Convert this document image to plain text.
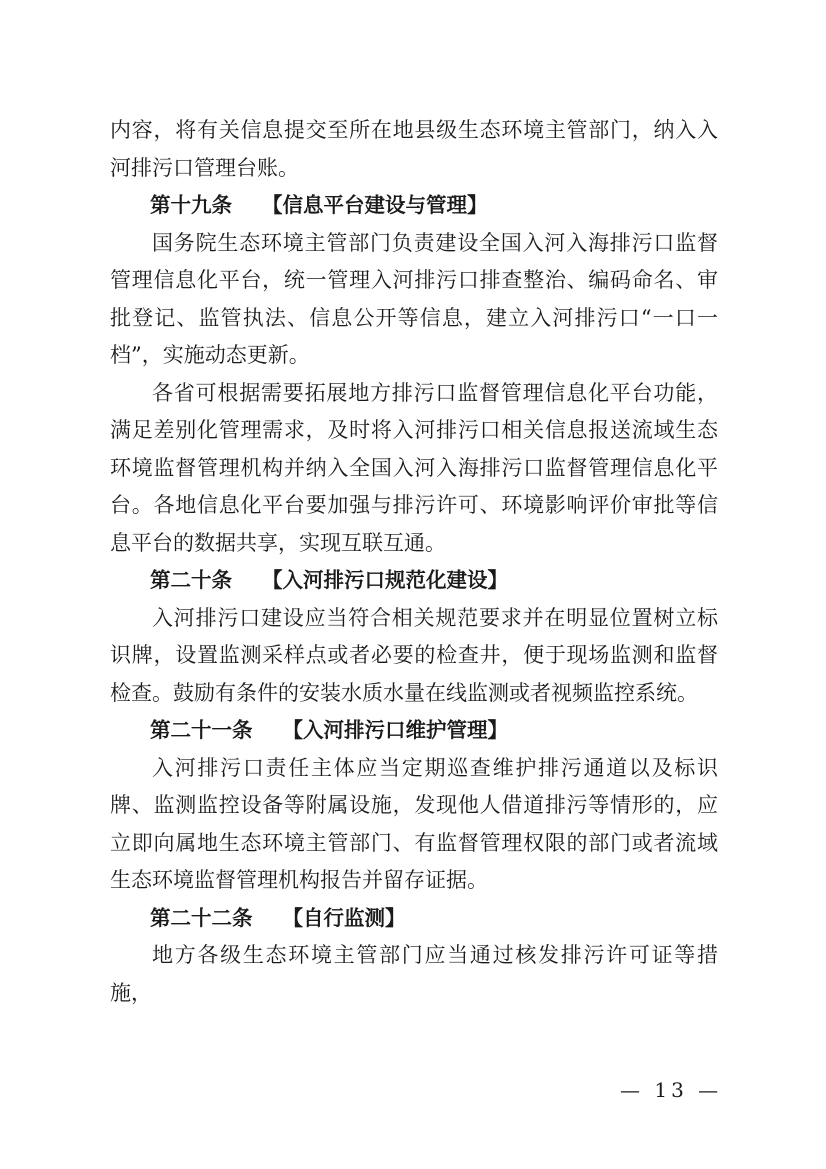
内容，将有关信息提交至所在地县级生态环境主管部门，纳入入河排污口管理台账。

第十九条 【信息平台建设与管理】

国务院生态环境主管部门负责建设全国入河入海排污口监督管理信息化平台，统一管理入河排污口排查整治、编码命名、审批登记、监管执法、信息公开等信息，建立入河排污口“一口一档”，实施动态更新。

各省可根据需要拓展地方排污口监督管理信息化平台功能，满足差别化管理需求，及时将入河排污口相关信息报送流域生态环境监督管理机构并纳入全国入河入海排污口监督管理信息化平台。各地信息化平台要加强与排污许可、环境影响评价审批等信息平台的数据共享，实现互联互通。

第二十条 【入河排污口规范化建设】

入河排污口建设应当符合相关规范要求并在明显位置树立标识牌，设置监测采样点或者必要的检查井，便于现场监测和监督检查。鼓励有条件的安装水质水量在线监测或者视频监控系统。

第二十一条 【入河排污口维护管理】

入河排污口责任主体应当定期巡查维护排污通道以及标识牌、监测监控设备等附属设施，发现他人借道排污等情形的，应立即向属地生态环境主管部门、有监督管理权限的部门或者流域生态环境监督管理机构报告并留存证据。

第二十二条 【自行监测】

地方各级生态环境主管部门应当通过核发排污许可证等措施，

— 13 —
